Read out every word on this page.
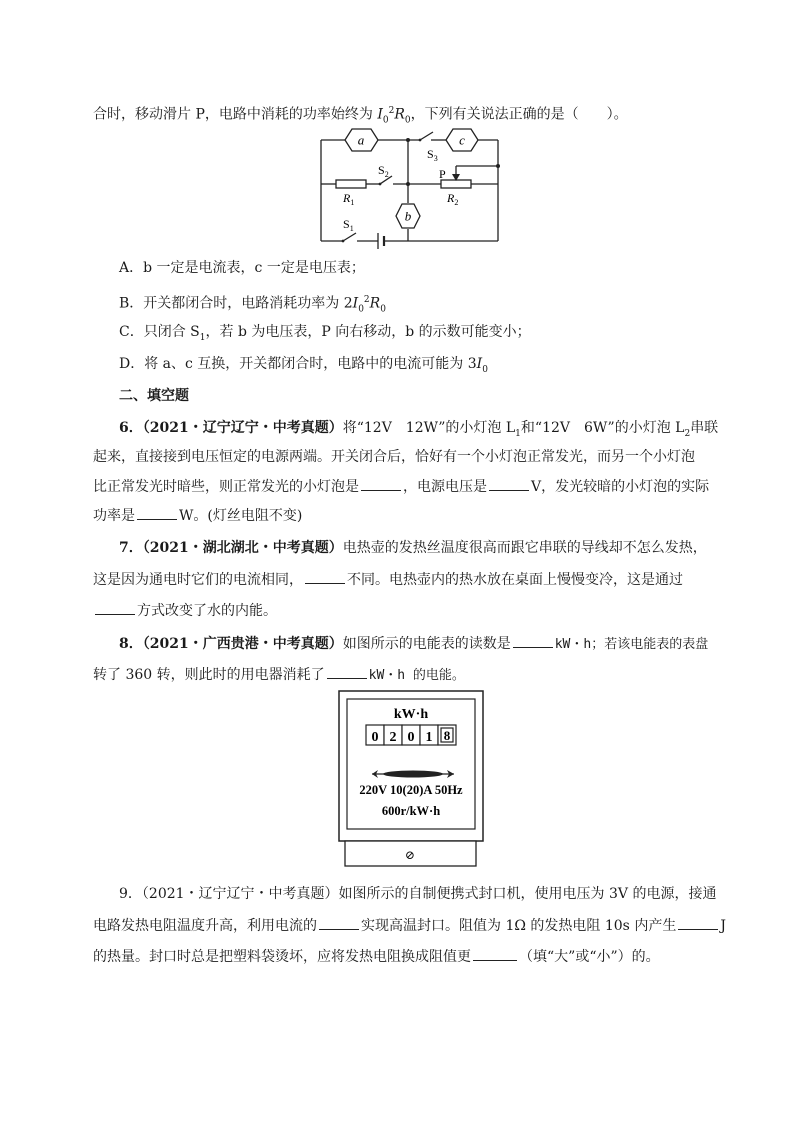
合时，移动滑片 P，电路中消耗的功率始终为 $I_0^2R_0$，下列有关说法正确的是（　　）。
a	c
b
$S_3$
$S_2$
$S_1$
$R_1$	$R_2$
P
A．b 一定是电流表，c 一定是电压表；
B．开关都闭合时，电路消耗功率为 $2I_0^2R_0$
C．只闭合 $S_1$，若 b 为电压表，P 向右移动，b 的示数可能变小；
D．将 a、c 互换，开关都闭合时，电路中的电流可能为 $3I_0$
二、填空题
6．（2021・辽宁辽宁・中考真题）将“12V　12W”的小灯泡 $L_1$和“12V　6W”的小灯泡 $L_2$串联
起来，直接接到电压恒定的电源两端。开关闭合后，恰好有一个小灯泡正常发光，而另一个小灯泡
比正常发光时暗些，则正常发光的小灯泡是	，电源电压是	V，发光较暗的小灯泡的实际
功率是	W。(灯丝电阻不变)
7．（2021・湖北湖北・中考真题）电热壶的发热丝温度很高而跟它串联的导线却不怎么发热，
这是因为通电时它们的电流相同，	不同。电热壶内的热水放在桌面上慢慢变冷，这是通过
方式改变了水的内能。
8．（2021・广西贵港・中考真题）如图所示的电能表的读数是	kW・h；若该电能表的表盘
转了 360 转，则此时的用电器消耗了	kW・h 的电能。
kW·h
0 2 0 1 8
220V 10(20)A 50Hz
600r/kW·h
⊘
9．（2021・辽宁辽宁・中考真题）如图所示的自制便携式封口机，使用电压为 3V 的电源，接通
电路发热电阻温度升高，利用电流的	实现高温封口。阻值为 1Ω 的发热电阻 10s 内产生	J
的热量。封口时总是把塑料袋烫坏，应将发热电阻换成阻值更	（填“大”或“小”）的。
